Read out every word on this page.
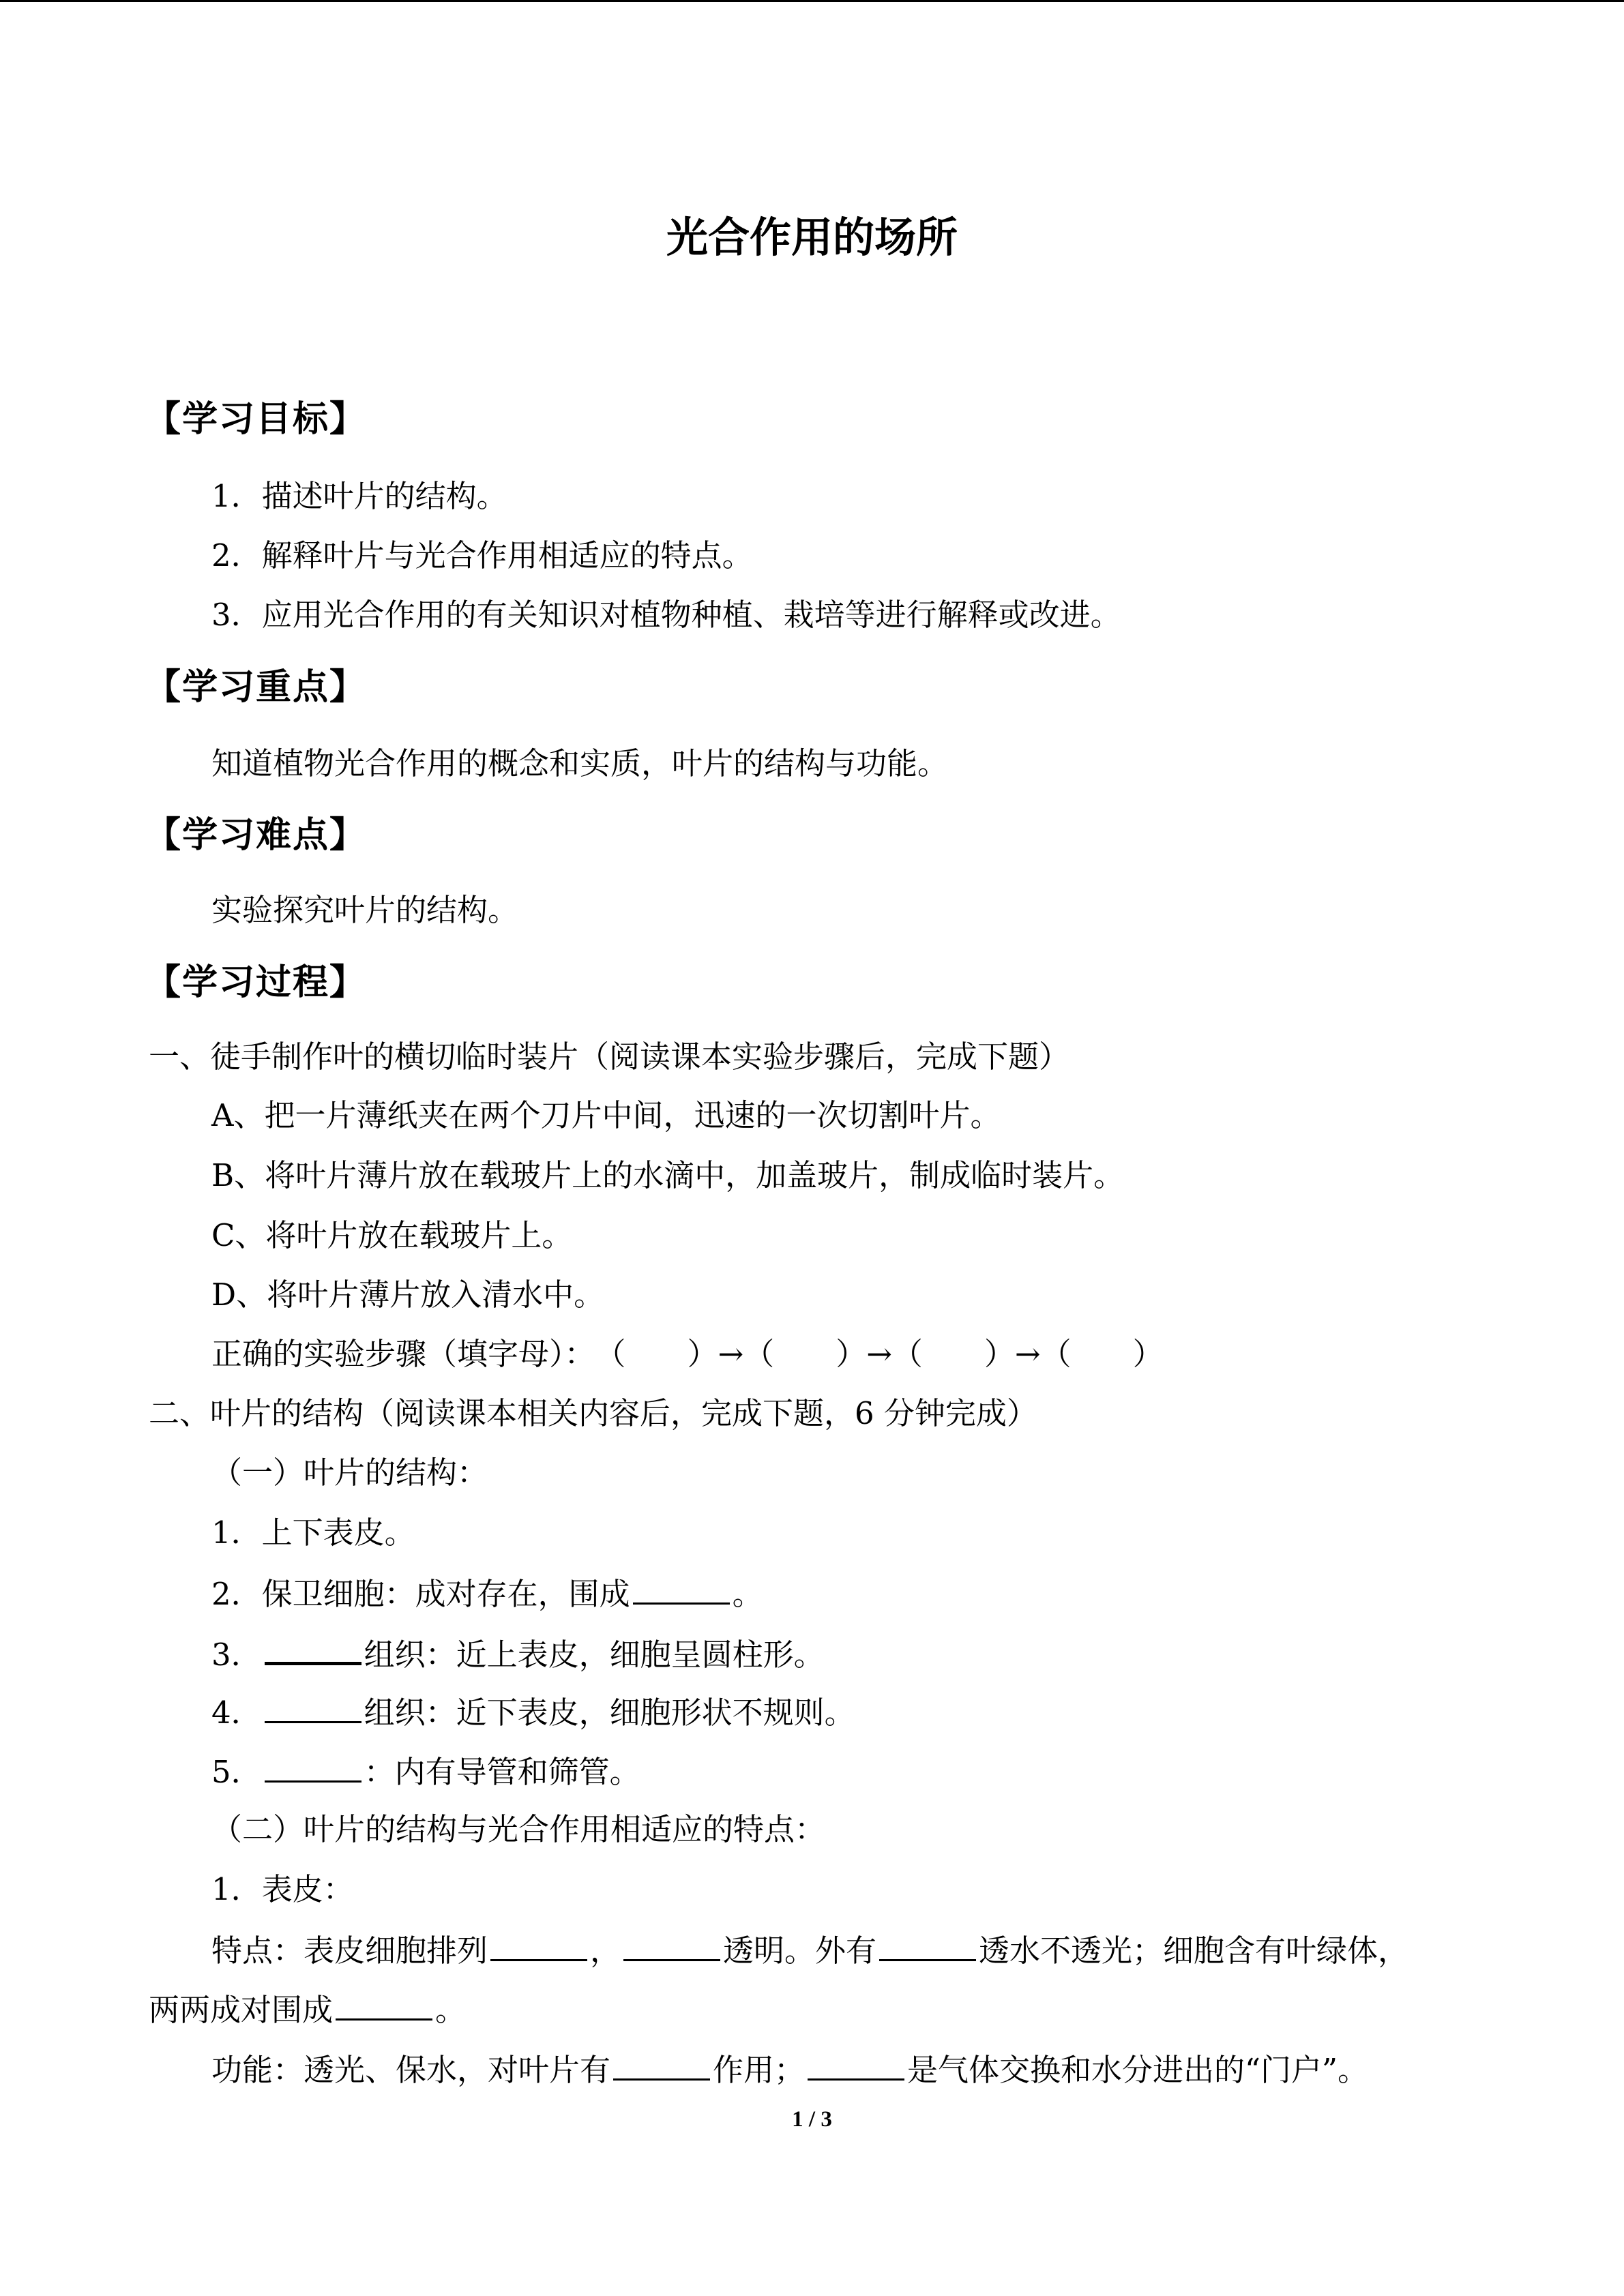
光合作用的场所
【学习目标】
1．描述叶片的结构。
2．解释叶片与光合作用相适应的特点。
3．应用光合作用的有关知识对植物种植、栽培等进行解释或改进。
【学习重点】
知道植物光合作用的概念和实质，叶片的结构与功能。
【学习难点】
实验探究叶片的结构。
【学习过程】
一、徒手制作叶的横切临时装片（阅读课本实验步骤后，完成下题）
A、把一片薄纸夹在两个刀片中间，迅速的一次切割叶片。
B、将叶片薄片放在载玻片上的水滴中，加盖玻片，制成临时装片。
C、将叶片放在载玻片上。
D、将叶片薄片放入清水中。
正确的实验步骤（填字母）：（　　）→（　　）→（　　）→（　　）
二、叶片的结构（阅读课本相关内容后，完成下题，6 分钟完成）
（一）叶片的结构：
1．上下表皮。
2．保卫细胞：成对存在，围成	。
3．	组织：近上表皮，细胞呈圆柱形。
4．	组织：近下表皮，细胞形状不规则。
5．	：内有导管和筛管。
（二）叶片的结构与光合作用相适应的特点：
1．表皮：
特点：表皮细胞排列	，	透明。外有	透水不透光；细胞含有叶绿体，
两两成对围成	。
功能：透光、保水，对叶片有	作用；	是气体交换和水分进出的“门户”。
1 / 3
